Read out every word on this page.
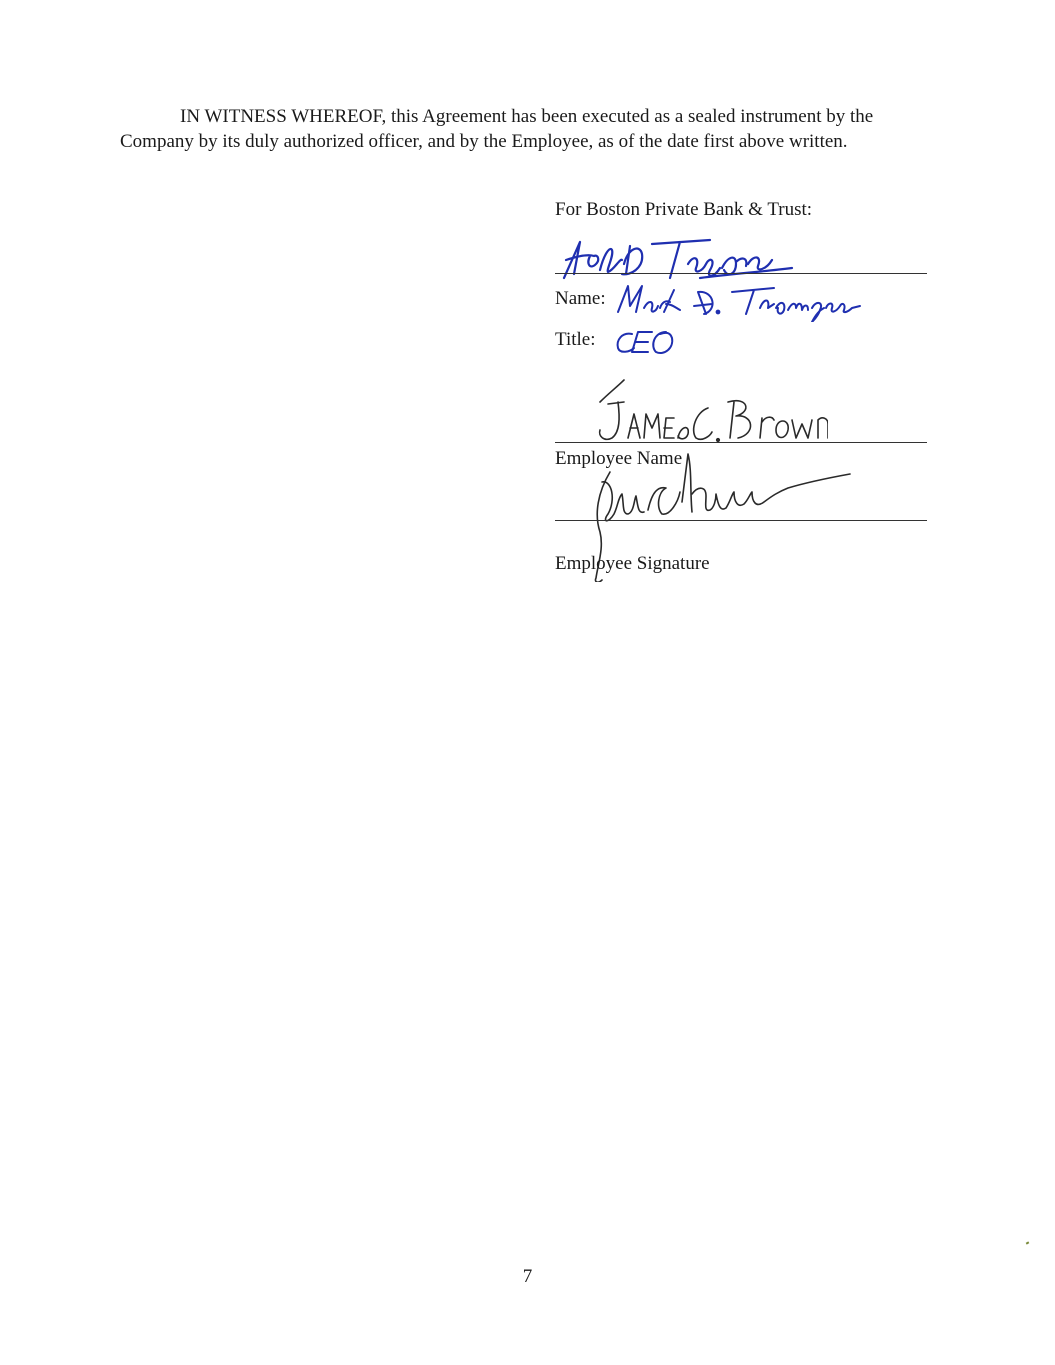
IN WITNESS WHEREOF, this Agreement has been executed as a sealed instrument by the Company by its duly authorized officer, and by the Employee, as of the date first above written.

For Boston Private Bank & Trust:
Name:
Title:
Employee Name
Employee Signature
7
